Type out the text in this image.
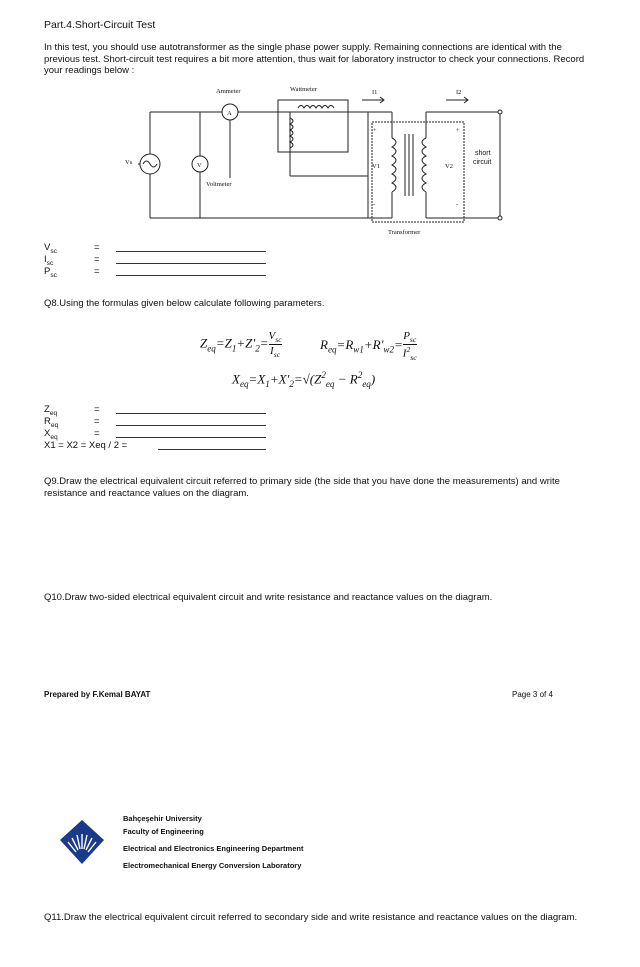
Part.4.Short-Circuit Test
In this test, you should use autotransformer as the single phase power supply. Remaining connections are identical with the previous test. Short-circuit test requires a bit more attention, thus wait for laboratory instructor to check your connections. Record your readings below :
Ammeter	Wattmeter
Voltmeter
Transformer
A
V
Vs
V1	V2
I1	I2
+	+
-	-
short
circuit
$V_{sc}$	=
$I_{sc}$	=
$P_{sc}$	=
Q8.Using the formulas given below calculate following parameters.
$Z_{eq}=Z_1+Z'_2= V_{sc}$
$I_{sc}$
$R_{eq}=R_{w1}+R'_{w2}=$
$P_{sc}$
$I^2_{sc}$
$X_{eq}=X_1+X'_2=√(Z^2_{eq} - R^2_{eq})$
$Z_{eq}$	=
$R_{eq}$	=
$X_{eq}$	=
X1 = X2 = Xeq / 2 =
Q9.Draw the electrical equivalent circuit referred to primary side (the side that you have done the measurements) and write resistance and reactance values on the diagram.
Q10.Draw two-sided electrical equivalent circuit and write resistance and reactance values on the diagram.
Prepared by F.Kemal BAYAT	Page 3 of 4
Bahçeşehir University
Faculty of Engineering
Electrical and Electronics Engineering Department
Electromechanical Energy Conversion Laboratory
Q11.Draw the electrical equivalent circuit referred to secondary side and write resistance and reactance values on the diagram.
